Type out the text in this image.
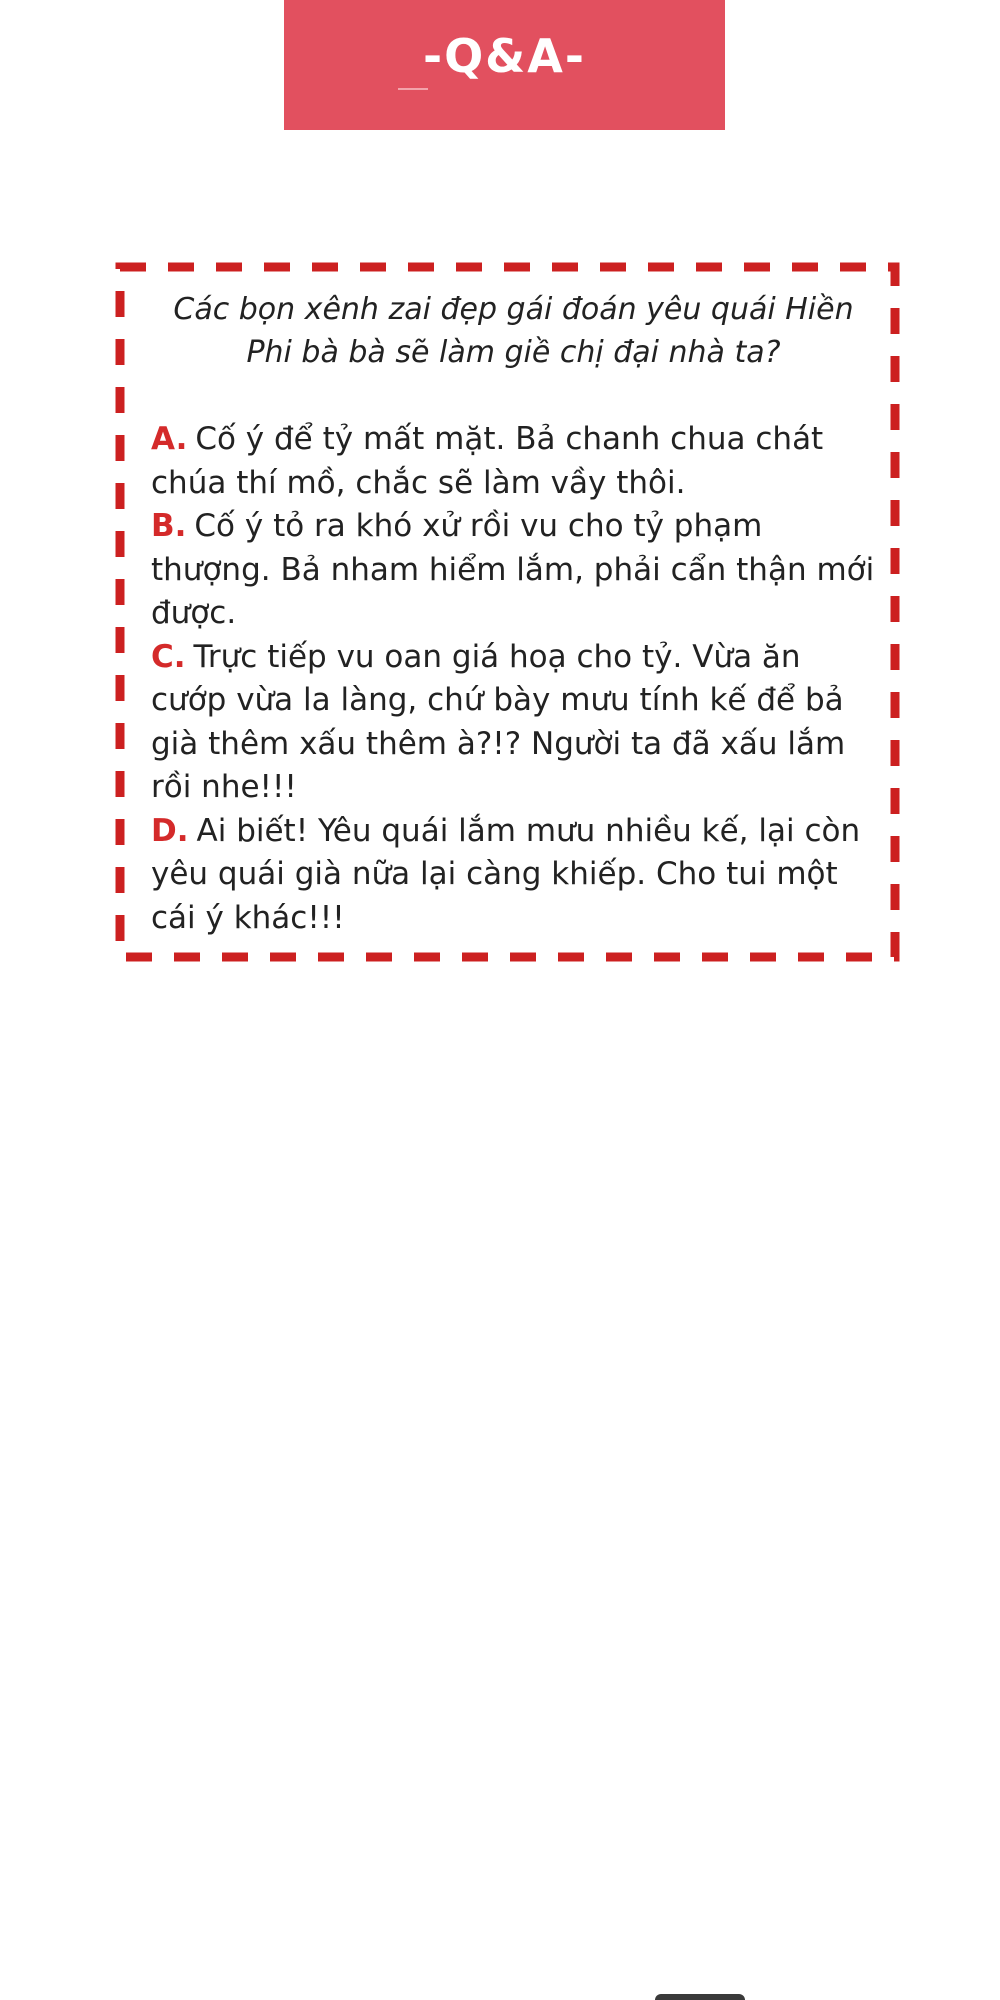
-Q&A-

Các bọn xênh zai đẹp gái đoán yêu quái Hiền Phi bà bà sẽ làm giề chị đại nhà ta?

A. Cố ý để tỷ mất mặt. Bả chanh chua chát chúa thí mồ, chắc sẽ làm vầy thôi.

B. Cố ý tỏ ra khó xử rồi vu cho tỷ phạm thượng. Bả nham hiểm lắm, phải cẩn thận mới được.

C. Trực tiếp vu oan giá hoạ cho tỷ. Vừa ăn cướp vừa la làng, chứ bày mưu tính kế để bả già thêm xấu thêm à?!? Người ta đã xấu lắm rồi nhe!!!

D. Ai biết! Yêu quái lắm mưu nhiều kế, lại còn yêu quái già nữa lại càng khiếp. Cho tui một cái ý khác!!!
